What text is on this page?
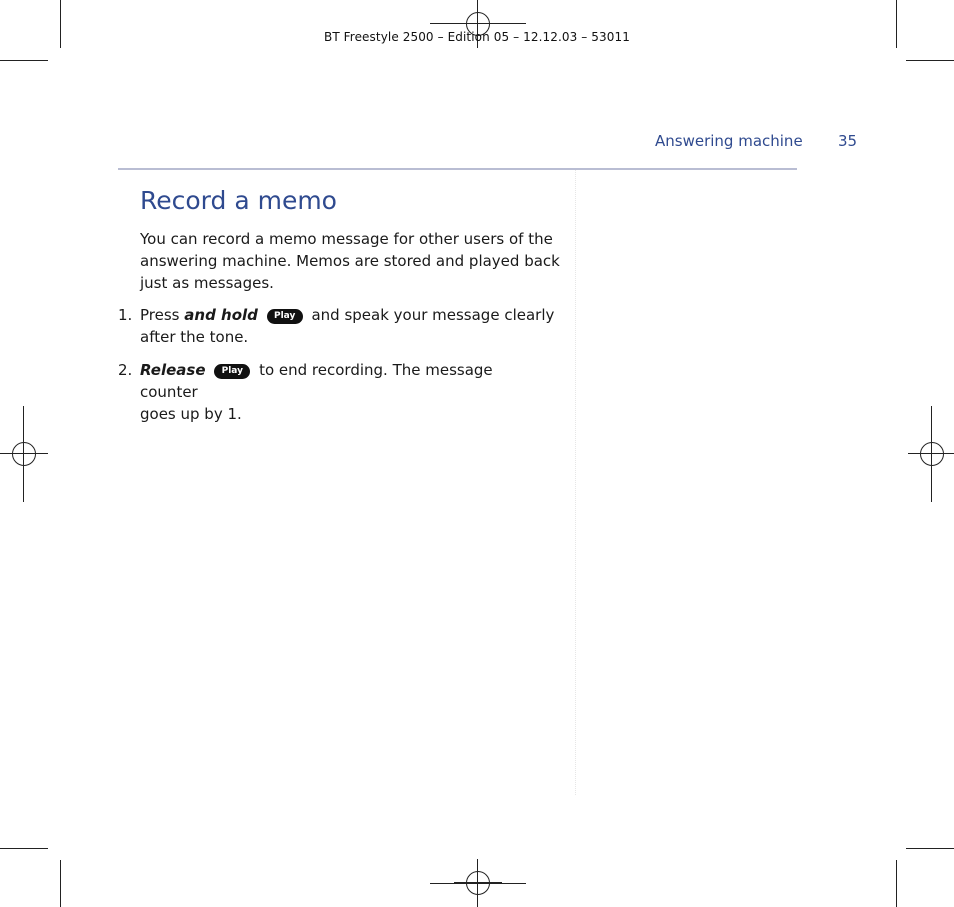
BT Freestyle 2500 – Edition 05 – 12.12.03 – 53011
Answering machine 35
Record a memo
You can record a memo message for other users of the answering machine. Memos are stored and played back just as messages.
1. Press and hold Play and speak your message clearly
after the tone.
2. Release Play to end recording. The message counter
goes up by 1.
